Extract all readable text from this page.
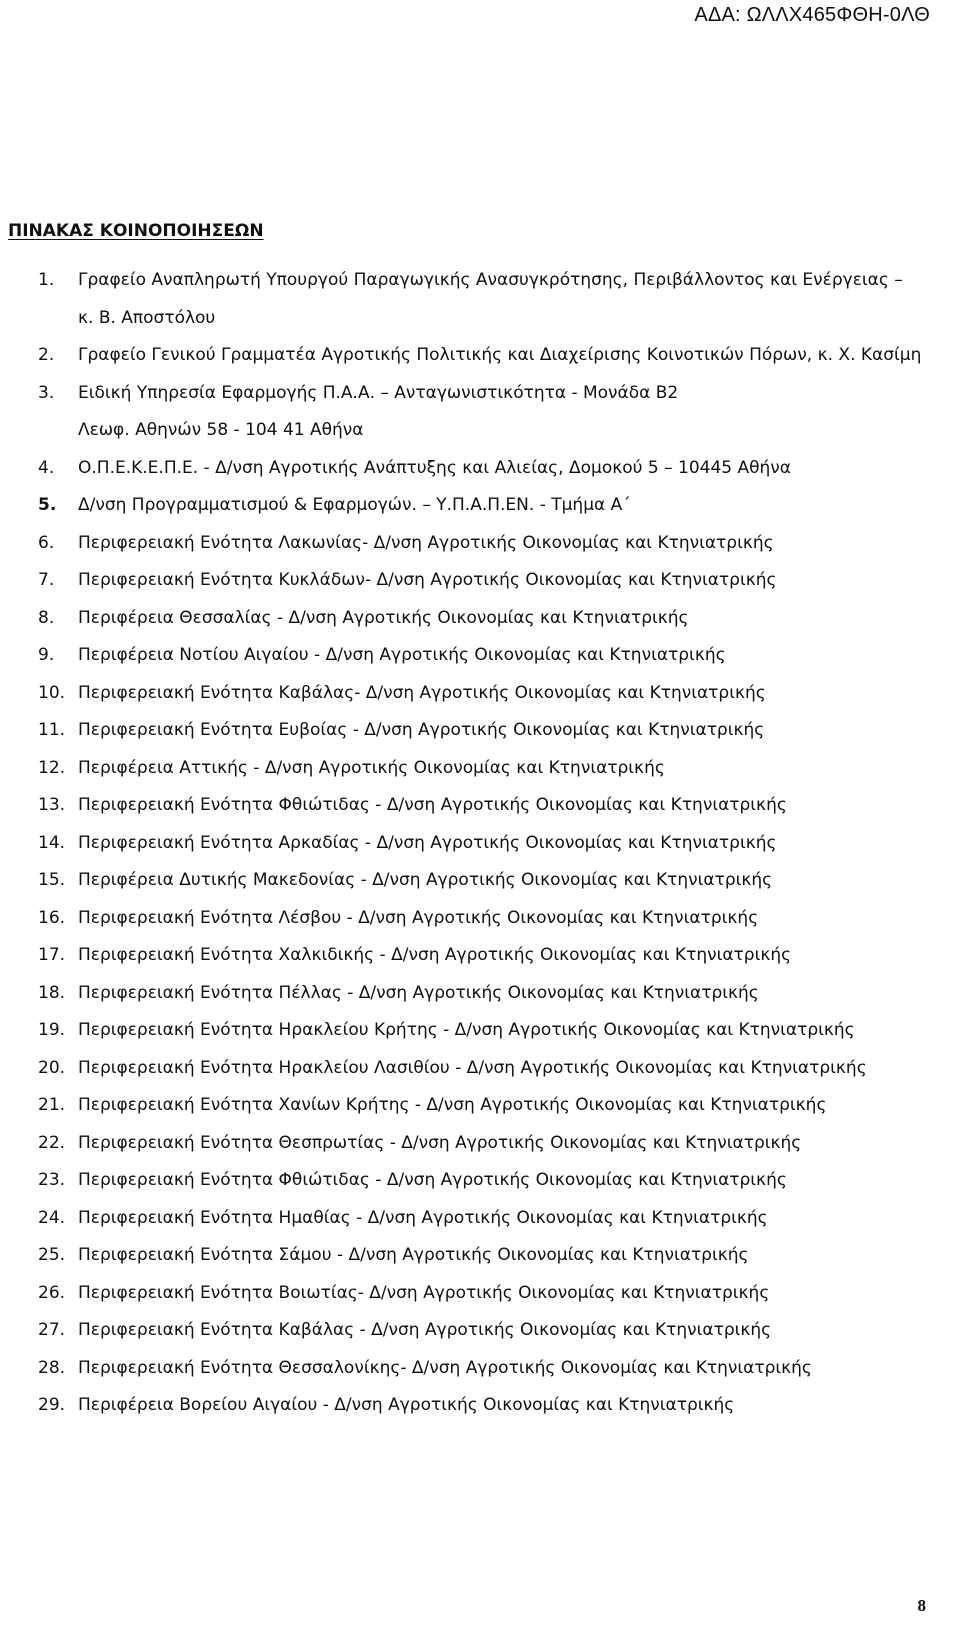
ΑΔΑ: ΩΛΛΧ465ΦΘΗ-0ΛΘ
ΠΙΝΑΚΑΣ ΚΟΙΝΟΠΟΙΗΣΕΩΝ
1. Γραφείο Αναπληρωτή Υπουργού Παραγωγικής Ανασυγκρότησης, Περιβάλλοντος και Ενέργειας –
κ. Β. Αποστόλου
2. Γραφείο Γενικού Γραμματέα Αγροτικής Πολιτικής και Διαχείρισης Κοινοτικών Πόρων, κ. Χ. Κασίμη
3. Ειδική Υπηρεσία Εφαρμογής Π.Α.Α. – Ανταγωνιστικότητα - Μονάδα Β2
Λεωφ. Αθηνών 58 - 104 41 Αθήνα
4. Ο.Π.Ε.Κ.Ε.Π.Ε. - Δ/νση Αγροτικής Ανάπτυξης και Αλιείας, Δομοκού 5 – 10445 Αθήνα
5. Δ/νση Προγραμματισμού & Εφαρμογών. – Υ.Π.Α.Π.ΕΝ. - Τμήμα Α΄
6. Περιφερειακή Ενότητα Λακωνίας- Δ/νση Αγροτικής Οικονομίας και Κτηνιατρικής
7. Περιφερειακή Ενότητα Κυκλάδων- Δ/νση Αγροτικής Οικονομίας και Κτηνιατρικής
8. Περιφέρεια Θεσσαλίας - Δ/νση Αγροτικής Οικονομίας και Κτηνιατρικής
9. Περιφέρεια Νοτίου Αιγαίου - Δ/νση Αγροτικής Οικονομίας και Κτηνιατρικής
10. Περιφερειακή Ενότητα Καβάλας- Δ/νση Αγροτικής Οικονομίας και Κτηνιατρικής
11. Περιφερειακή Ενότητα Ευβοίας - Δ/νση Αγροτικής Οικονομίας και Κτηνιατρικής
12. Περιφέρεια Αττικής - Δ/νση Αγροτικής Οικονομίας και Κτηνιατρικής
13. Περιφερειακή Ενότητα Φθιώτιδας - Δ/νση Αγροτικής Οικονομίας και Κτηνιατρικής
14. Περιφερειακή Ενότητα Αρκαδίας - Δ/νση Αγροτικής Οικονομίας και Κτηνιατρικής
15. Περιφέρεια Δυτικής Μακεδονίας - Δ/νση Αγροτικής Οικονομίας και Κτηνιατρικής
16. Περιφερειακή Ενότητα Λέσβου - Δ/νση Αγροτικής Οικονομίας και Κτηνιατρικής
17. Περιφερειακή Ενότητα Χαλκιδικής - Δ/νση Αγροτικής Οικονομίας και Κτηνιατρικής
18. Περιφερειακή Ενότητα Πέλλας - Δ/νση Αγροτικής Οικονομίας και Κτηνιατρικής
19. Περιφερειακή Ενότητα Ηρακλείου Κρήτης - Δ/νση Αγροτικής Οικονομίας και Κτηνιατρικής
20. Περιφερειακή Ενότητα Ηρακλείου Λασιθίου - Δ/νση Αγροτικής Οικονομίας και Κτηνιατρικής
21. Περιφερειακή Ενότητα Χανίων Κρήτης - Δ/νση Αγροτικής Οικονομίας και Κτηνιατρικής
22. Περιφερειακή Ενότητα Θεσπρωτίας - Δ/νση Αγροτικής Οικονομίας και Κτηνιατρικής
23. Περιφερειακή Ενότητα Φθιώτιδας - Δ/νση Αγροτικής Οικονομίας και Κτηνιατρικής
24. Περιφερειακή Ενότητα Ημαθίας - Δ/νση Αγροτικής Οικονομίας και Κτηνιατρικής
25. Περιφερειακή Ενότητα Σάμου - Δ/νση Αγροτικής Οικονομίας και Κτηνιατρικής
26. Περιφερειακή Ενότητα Βοιωτίας- Δ/νση Αγροτικής Οικονομίας και Κτηνιατρικής
27. Περιφερειακή Ενότητα Καβάλας - Δ/νση Αγροτικής Οικονομίας και Κτηνιατρικής
28. Περιφερειακή Ενότητα Θεσσαλονίκης- Δ/νση Αγροτικής Οικονομίας και Κτηνιατρικής
29. Περιφέρεια Βορείου Αιγαίου - Δ/νση Αγροτικής Οικονομίας και Κτηνιατρικής
8
